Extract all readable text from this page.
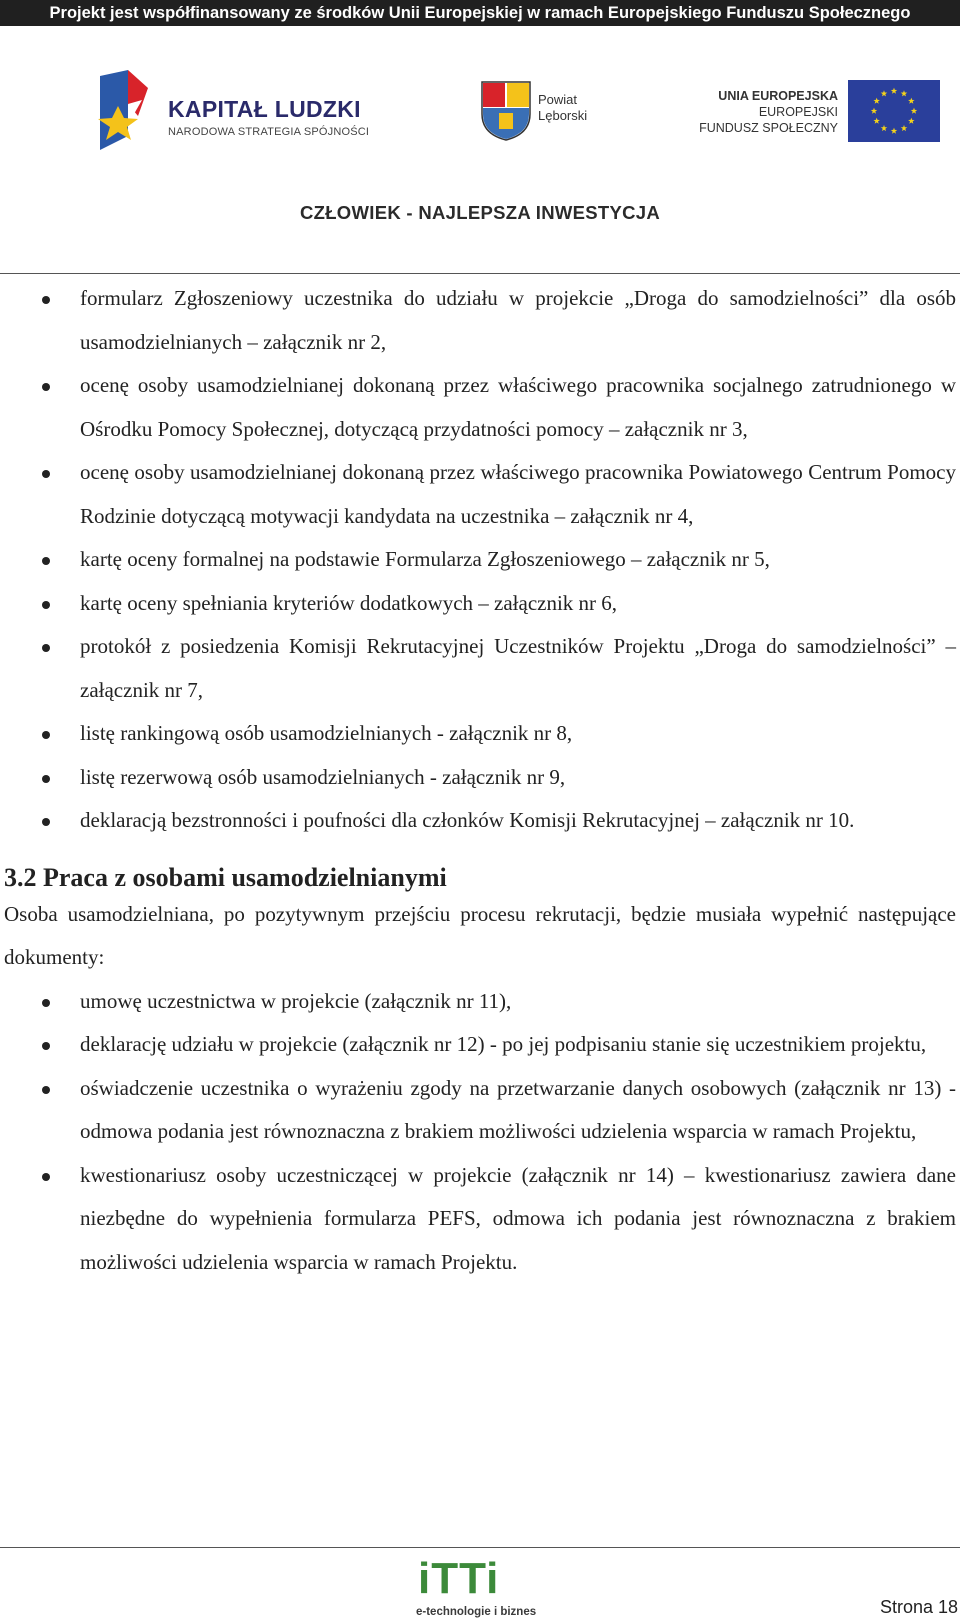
Projekt jest współfinansowany ze środków Unii Europejskiej w ramach Europejskiego Funduszu Społecznego
KAPITAŁ LUDZKI
NARODOWA STRATEGIA SPÓJNOŚCI
Powiat
Lęborski
UNIA EUROPEJSKA
EUROPEJSKI
FUNDUSZ SPOŁECZNY
CZŁOWIEK - NAJLEPSZA INWESTYCJA
formularz Zgłoszeniowy uczestnika do udziału w projekcie „Droga do samodzielności” dla osób usamodzielnianych – załącznik nr 2,
ocenę osoby usamodzielnianej dokonaną przez właściwego pracownika socjalnego zatrudnionego w Ośrodku Pomocy Społecznej, dotyczącą przydatności pomocy – załącznik nr 3,
ocenę osoby usamodzielnianej dokonaną przez właściwego pracownika Powiatowego Centrum Pomocy Rodzinie dotyczącą motywacji kandydata na uczestnika – załącznik nr 4,
kartę oceny formalnej na podstawie Formularza Zgłoszeniowego – załącznik nr 5,
kartę oceny spełniania kryteriów dodatkowych – załącznik nr 6,
protokół z posiedzenia Komisji Rekrutacyjnej Uczestników Projektu „Droga do samodzielności” – załącznik nr 7,
listę rankingową osób usamodzielnianych - załącznik nr 8,
listę rezerwową osób usamodzielnianych - załącznik nr 9,
deklaracją bezstronności i poufności dla członków Komisji Rekrutacyjnej – załącznik nr 10.
3.2 Praca z osobami usamodzielnianymi
Osoba usamodzielniana, po pozytywnym przejściu procesu rekrutacji, będzie musiała wypełnić następujące dokumenty:
umowę uczestnictwa w projekcie (załącznik nr 11),
deklarację udziału w projekcie (załącznik nr 12) - po jej podpisaniu stanie się uczestnikiem projektu,
oświadczenie uczestnika o wyrażeniu zgody na przetwarzanie danych osobowych (załącznik nr 13) - odmowa podania jest równoznaczna z brakiem możliwości udzielenia wsparcia w ramach Projektu,
kwestionariusz osoby uczestniczącej w projekcie (załącznik nr 14) – kwestionariusz zawiera dane niezbędne do wypełnienia formularza PEFS, odmowa ich podania jest równoznaczna z brakiem możliwości udzielenia wsparcia w ramach Projektu.
iTTi
e-technologie i biznes	Strona 18
